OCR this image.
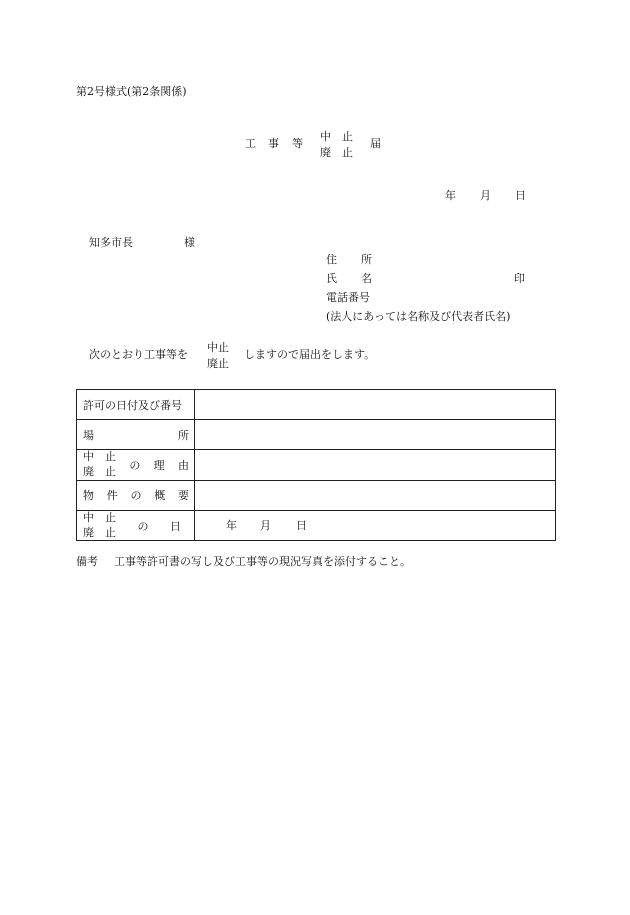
第2号様式(第2条関係)
工 事 等
中　止
廃　止
届
年 月 日
知多市長	様
住 所
氏 名	印
電話番号
(法人にあっては名称及び代表者氏名)
次のとおり工事等を
中止
廃止
しますので届出をします。
許可の日付及び番号	

場 所	

中　止
廃　止 の 理 由	

物 件 の 概 要	

中　止
廃　止 の 日	年 月 日
備考 工事等許可書の写し及び工事等の現況写真を添付すること。
